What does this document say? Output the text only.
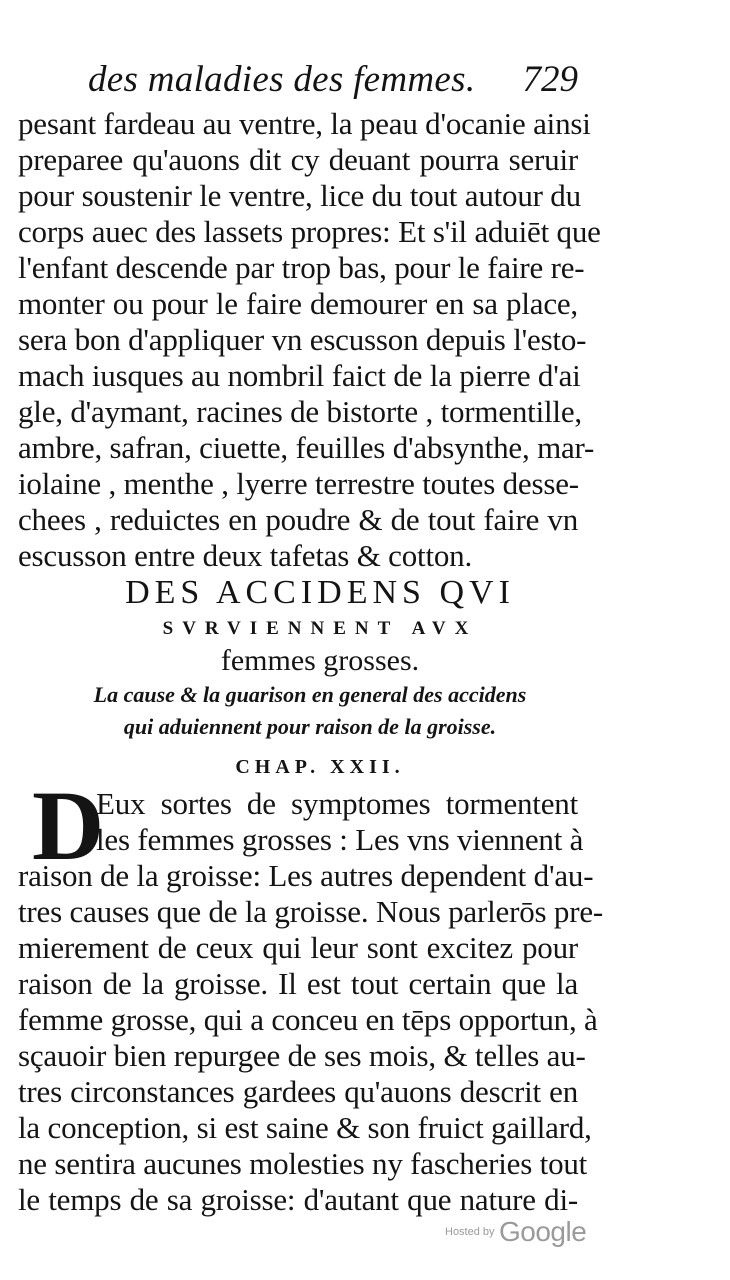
des maladies des femmes. 729
pesant fardeau au ventre, la peau d'ocanie ainsi
preparee qu'auons dit cy deuant pourra seruir
pour soustenir le ventre, lice du tout autour du
corps auec des lassets propres: Et s'il aduiēt que
l'enfant descende par trop bas, pour le faire re-
monter ou pour le faire demourer en sa place,
sera bon d'appliquer vn escusson depuis l'esto-
mach iusques au nombril faict de la pierre d'ai
gle, d'aymant, racines de bistorte , tormentille,
ambre, safran, ciuette, feuilles d'absynthe, mar-
iolaine , menthe , lyerre terrestre toutes desse-
chees , reduictes en poudre & de tout faire vn
escusson entre deux tafetas & cotton.
DES ACCIDENS QVI
SVRVIENNENT AVX
femmes grosses.
La cause & la guarison en general des accidens
qui aduiennent pour raison de la groisse.
CHAP. XXII.
D
Eux sortes de symptomes tormentent
les femmes grosses : Les vns viennent à
raison de la groisse: Les autres dependent d'au-
tres causes que de la groisse. Nous parlerōs pre-
mierement de ceux qui leur sont excitez pour
raison de la groisse. Il est tout certain que la
femme grosse, qui a conceu en tēps opportun, à
sçauoir bien repurgee de ses mois, & telles au-
tres circonstances gardees qu'auons descrit en
la conception, si est saine & son fruict gaillard,
ne sentira aucunes molesties ny fascheries tout
le temps de sa groisse: d'autant que nature di-
Hosted by Google
